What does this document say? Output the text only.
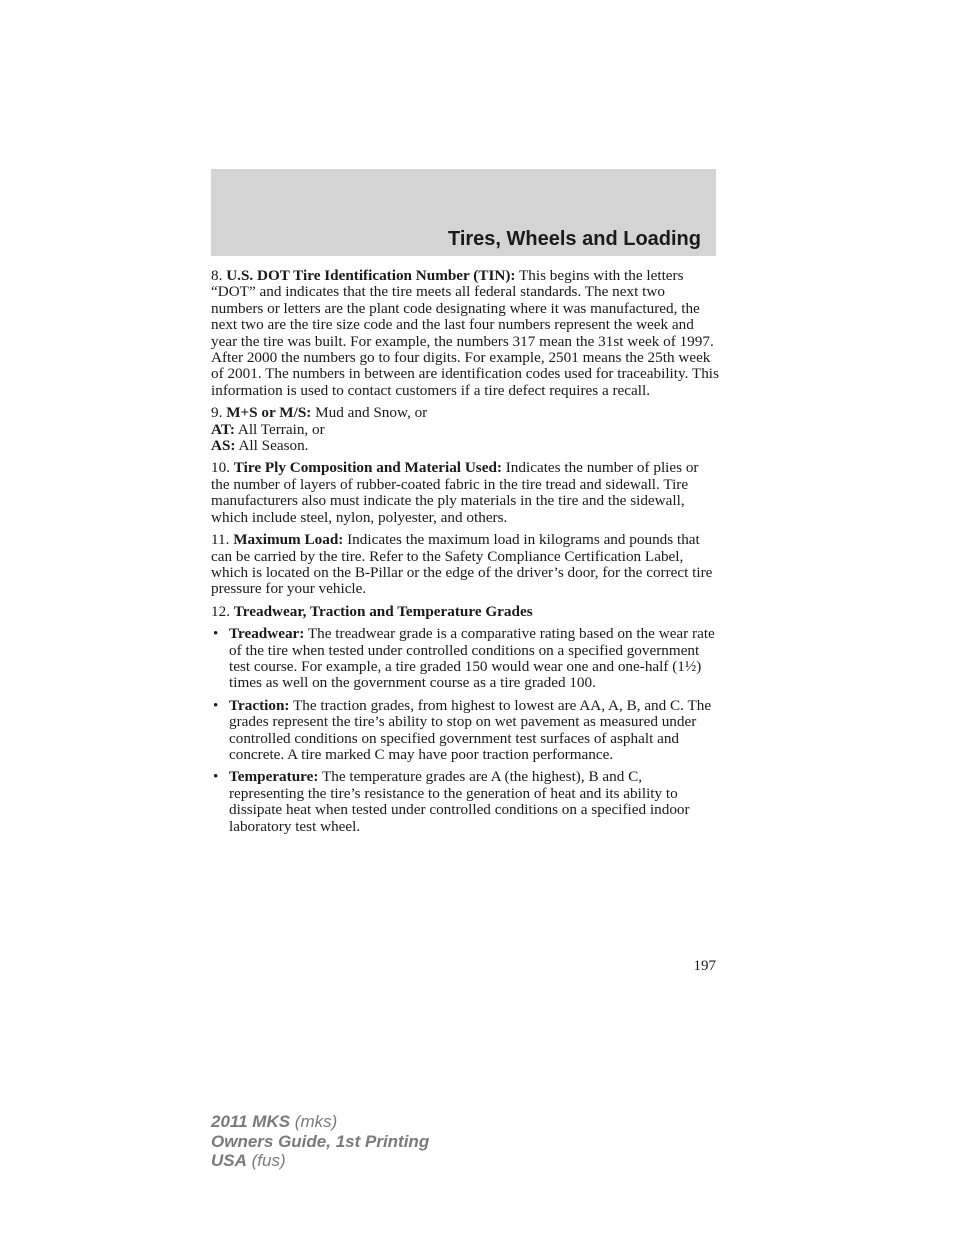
Tires, Wheels and Loading

8. U.S. DOT Tire Identification Number (TIN): This begins with the letters “DOT” and indicates that the tire meets all federal standards. The next two numbers or letters are the plant code designating where it was manufactured, the next two are the tire size code and the last four numbers represent the week and year the tire was built. For example, the numbers 317 mean the 31st week of 1997. After 2000 the numbers go to four digits. For example, 2501 means the 25th week of 2001. The numbers in between are identification codes used for traceability. This information is used to contact customers if a tire defect requires a recall.

9. M+S or M/S: Mud and Snow, or
AT: All Terrain, or
AS: All Season.

10. Tire Ply Composition and Material Used: Indicates the number of plies or the number of layers of rubber-coated fabric in the tire tread and sidewall. Tire manufacturers also must indicate the ply materials in the tire and the sidewall, which include steel, nylon, polyester, and others.

11. Maximum Load: Indicates the maximum load in kilograms and pounds that can be carried by the tire. Refer to the Safety Compliance Certification Label, which is located on the B-Pillar or the edge of the driver’s door, for the correct tire pressure for your vehicle.

12. Treadwear, Traction and Temperature Grades

• Treadwear: The treadwear grade is a comparative rating based on the wear rate of the tire when tested under controlled conditions on a specified government test course. For example, a tire graded 150 would wear one and one-half (1½) times as well on the government course as a tire graded 100.
• Traction: The traction grades, from highest to lowest are AA, A, B, and C. The grades represent the tire’s ability to stop on wet pavement as measured under controlled conditions on specified government test surfaces of asphalt and concrete. A tire marked C may have poor traction performance.
• Temperature: The temperature grades are A (the highest), B and C, representing the tire’s resistance to the generation of heat and its ability to dissipate heat when tested under controlled conditions on a specified indoor laboratory test wheel.
197
2011 MKS (mks)
Owners Guide, 1st Printing
USA (fus)
